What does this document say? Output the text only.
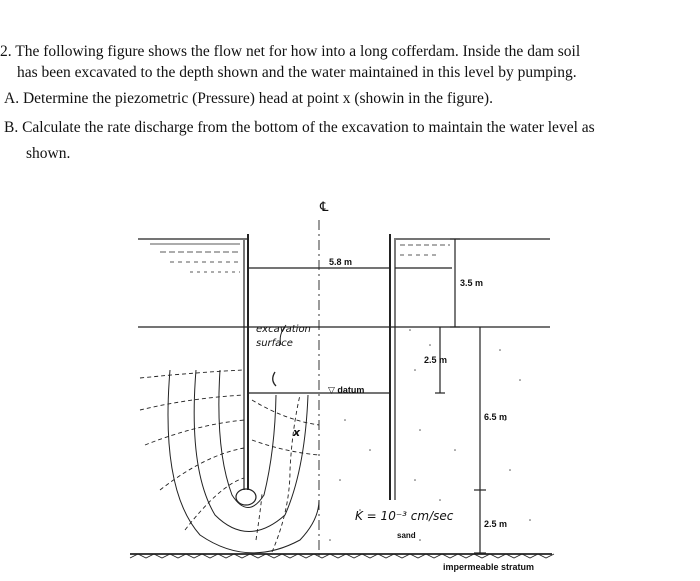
2. The following figure shows the flow net for how into a long cofferdam. Inside the dam soil
has been excavated to the depth shown and the water maintained in this level by pumping.
A. Determine the piezometric (Pressure) head at point x (showin in the figure).
B. Calculate the rate discharge from the bottom of the excavation to maintain the water level as
shown.
℄
5.8 m
3.5 m
2.5 m
6.5 m
2.5 m
▽ datum
excavation
surface
x
K = 10⁻³ cm/sec
sand
impermeable stratum
